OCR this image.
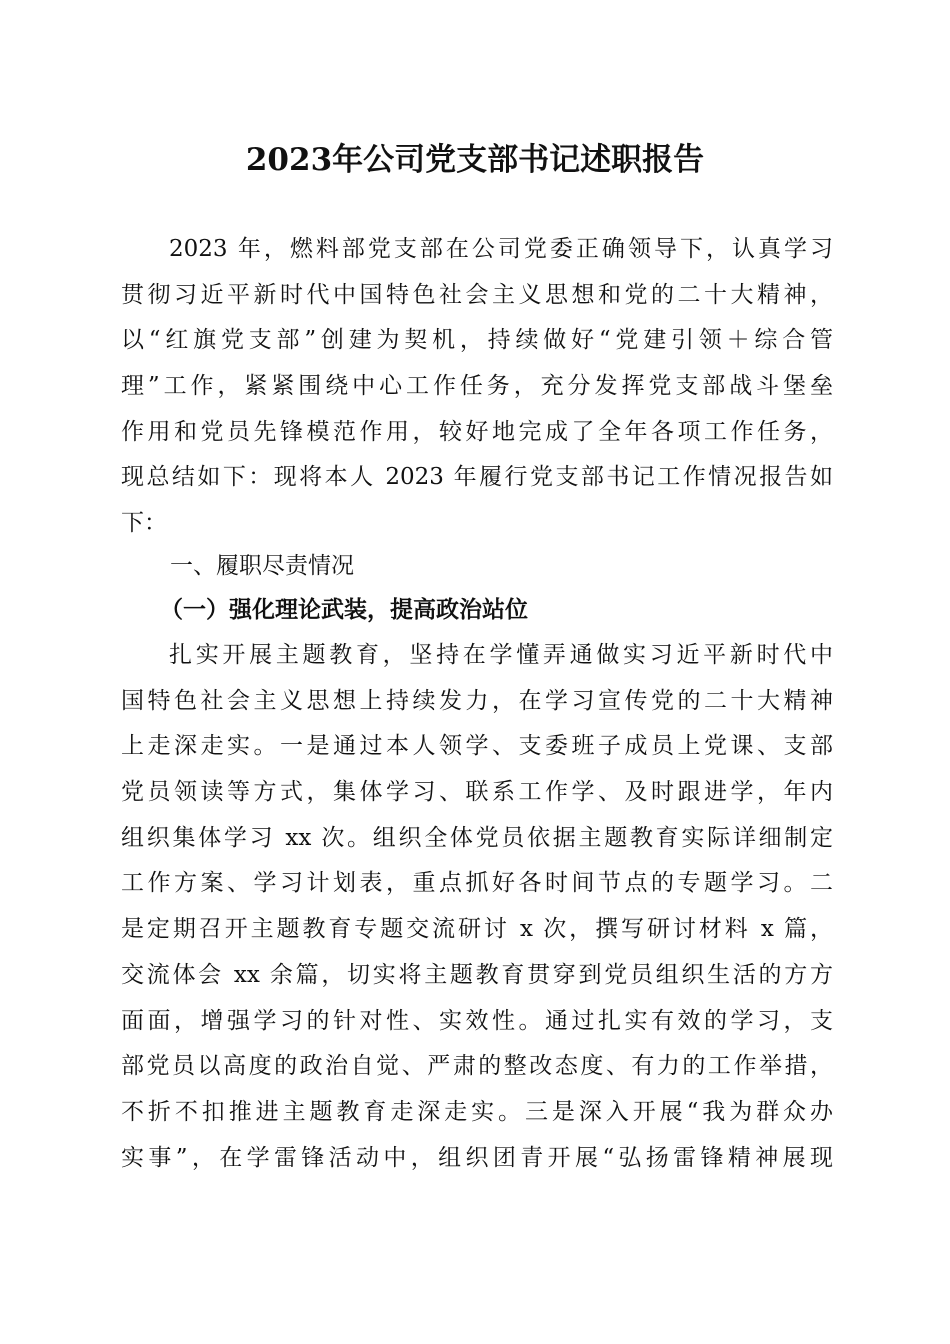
2023年公司党支部书记述职报告
2023 年，燃料部党支部在公司党委正确领导下，认真学习
贯彻习近平新时代中国特色社会主义思想和党的二十大精神，
以“红旗党支部”创建为契机，持续做好“党建引领＋综合管
理”工作，紧紧围绕中心工作任务，充分发挥党支部战斗堡垒
作用和党员先锋模范作用，较好地完成了全年各项工作任务，
现总结如下：现将本人 2023 年履行党支部书记工作情况报告如
下：
一、履职尽责情况
（一）强化理论武装，提高政治站位
扎实开展主题教育，坚持在学懂弄通做实习近平新时代中
国特色社会主义思想上持续发力，在学习宣传党的二十大精神
上走深走实。一是通过本人领学、支委班子成员上党课、支部
党员领读等方式，集体学习、联系工作学、及时跟进学，年内
组织集体学习 xx 次。组织全体党员依据主题教育实际详细制定
工作方案、学习计划表，重点抓好各时间节点的专题学习。二
是定期召开主题教育专题交流研讨 x 次，撰写研讨材料 x 篇，
交流体会 xx 余篇，切实将主题教育贯穿到党员组织生活的方方
面面，增强学习的针对性、实效性。通过扎实有效的学习，支
部党员以高度的政治自觉、严肃的整改态度、有力的工作举措，
不折不扣推进主题教育走深走实。三是深入开展“我为群众办
实事”，在学雷锋活动中，组织团青开展“弘扬雷锋精神展现
